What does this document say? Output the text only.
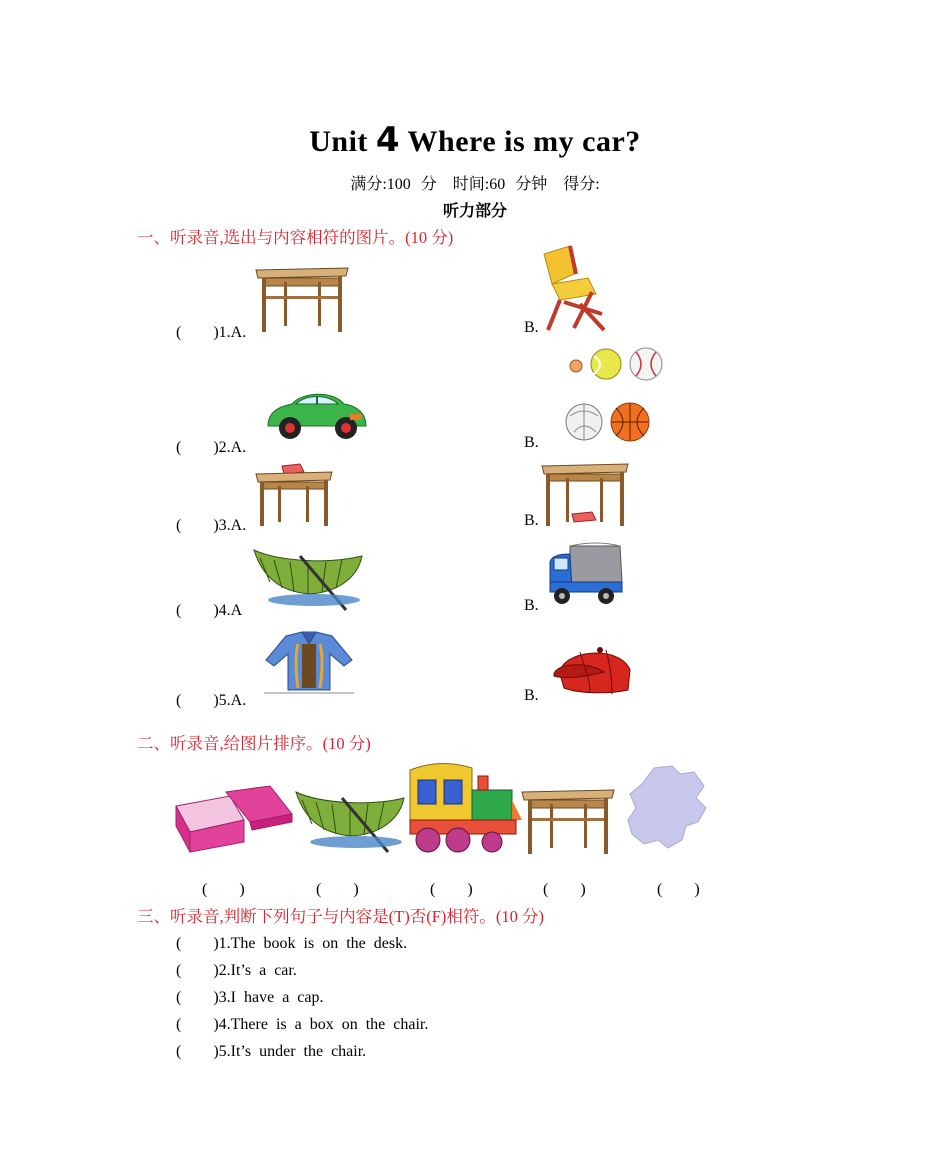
Unit 4 Where is my car?
满分:100 分　时间:60 分钟　得分:
听力部分
一、听录音,选出与内容相符的图片。(10 分)
(　　)1.A.	B.
(　　)2.A.	B.
(　　)3.A.	B.
(　　)4.A	B.
(　　)5.A.	B.
二、听录音,给图片排序。(10 分)
(　　)	(　　)	(　　)	(　　)	(　　)
三、听录音,判断下列句子与内容是(T)否(F)相符。(10 分)
(　　)1.The  book  is  on  the  desk.
(　　)2.It’s  a  car.
(　　)3.I  have  a  cap.
(　　)4.There  is  a  box  on  the  chair.
(　　)5.It’s  under  the  chair.
